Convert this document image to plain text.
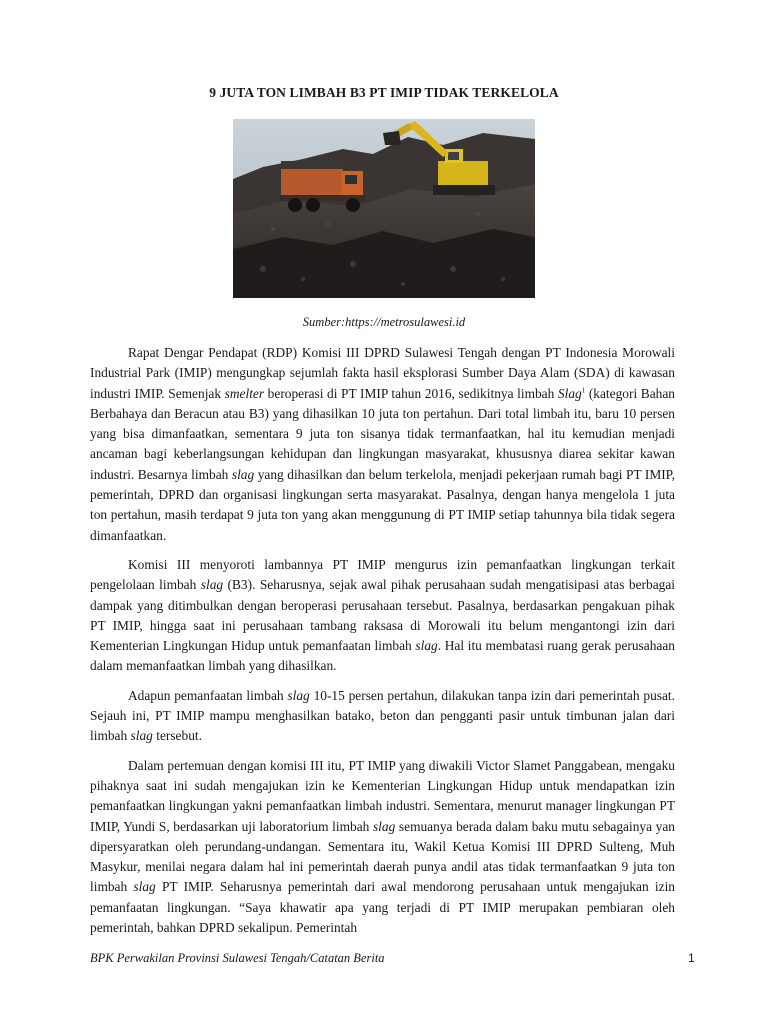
9 JUTA TON LIMBAH B3 PT IMIP TIDAK TERKELOLA
Sumber:https://metrosulawesi.id

Rapat Dengar Pendapat (RDP) Komisi III DPRD Sulawesi Tengah dengan PT Indonesia Morowali Industrial Park (IMIP) mengungkap sejumlah fakta hasil eksplorasi Sumber Daya Alam (SDA) di kawasan industri IMIP. Semenjak smelter beroperasi di PT IMIP tahun 2016, sedikitnya limbah Slag$^1$ (kategori Bahan Berbahaya dan Beracun atau B3) yang dihasilkan 10 juta ton pertahun. Dari total limbah itu, baru 10 persen yang bisa dimanfaatkan, sementara 9 juta ton sisanya tidak termanfaatkan, hal itu kemudian menjadi ancaman bagi keberlangsungan kehidupan dan lingkungan masyarakat, khususnya diarea sekitar kawan industri. Besarnya limbah slag yang dihasilkan dan belum terkelola, menjadi pekerjaan rumah bagi PT IMIP, pemerintah, DPRD dan organisasi lingkungan serta masyarakat. Pasalnya, dengan hanya mengelola 1 juta ton pertahun, masih terdapat 9 juta ton yang akan menggunung di PT IMIP setiap tahunnya bila tidak segera dimanfaatkan.

Komisi III menyoroti lambannya PT IMIP mengurus izin pemanfaatkan lingkungan terkait pengelolaan limbah slag (B3). Seharusnya, sejak awal pihak perusahaan sudah mengatisipasi atas berbagai dampak yang ditimbulkan dengan beroperasi perusahaan tersebut. Pasalnya, berdasarkan pengakuan pihak PT IMIP, hingga saat ini perusahaan tambang raksasa di Morowali itu belum mengantongi izin dari Kementerian Lingkungan Hidup untuk pemanfaatan limbah slag. Hal itu membatasi ruang gerak perusahaan dalam memanfaatkan limbah yang dihasilkan.

Adapun pemanfaatan limbah slag 10-15 persen pertahun, dilakukan tanpa izin dari pemerintah pusat. Sejauh ini, PT IMIP mampu menghasilkan batako, beton dan pengganti pasir untuk timbunan jalan dari limbah slag tersebut.

Dalam pertemuan dengan komisi III itu, PT IMIP yang diwakili Victor Slamet Panggabean, mengaku pihaknya saat ini sudah mengajukan izin ke Kementerian Lingkungan Hidup untuk mendapatkan izin pemanfaatkan lingkungan yakni pemanfaatkan limbah industri. Sementara, menurut manager lingkungan PT IMIP, Yundi S, berdasarkan uji laboratorium limbah slag semuanya berada dalam baku mutu sebagainya yan dipersyaratkan oleh perundang-undangan. Sementara itu, Wakil Ketua Komisi III DPRD Sulteng, Muh Masykur, menilai negara dalam hal ini pemerintah daerah punya andil atas tidak termanfaatkan 9 juta ton limbah slag PT IMIP. Seharusnya pemerintah dari awal mendorong perusahaan untuk mengajukan izin pemanfaatan lingkungan. “Saya khawatir apa yang terjadi di PT IMIP merupakan pembiaran oleh pemerintah, bahkan DPRD sekalipun. Pemerintah

BPK Perwakilan Provinsi Sulawesi Tengah/Catatan Berita	1
